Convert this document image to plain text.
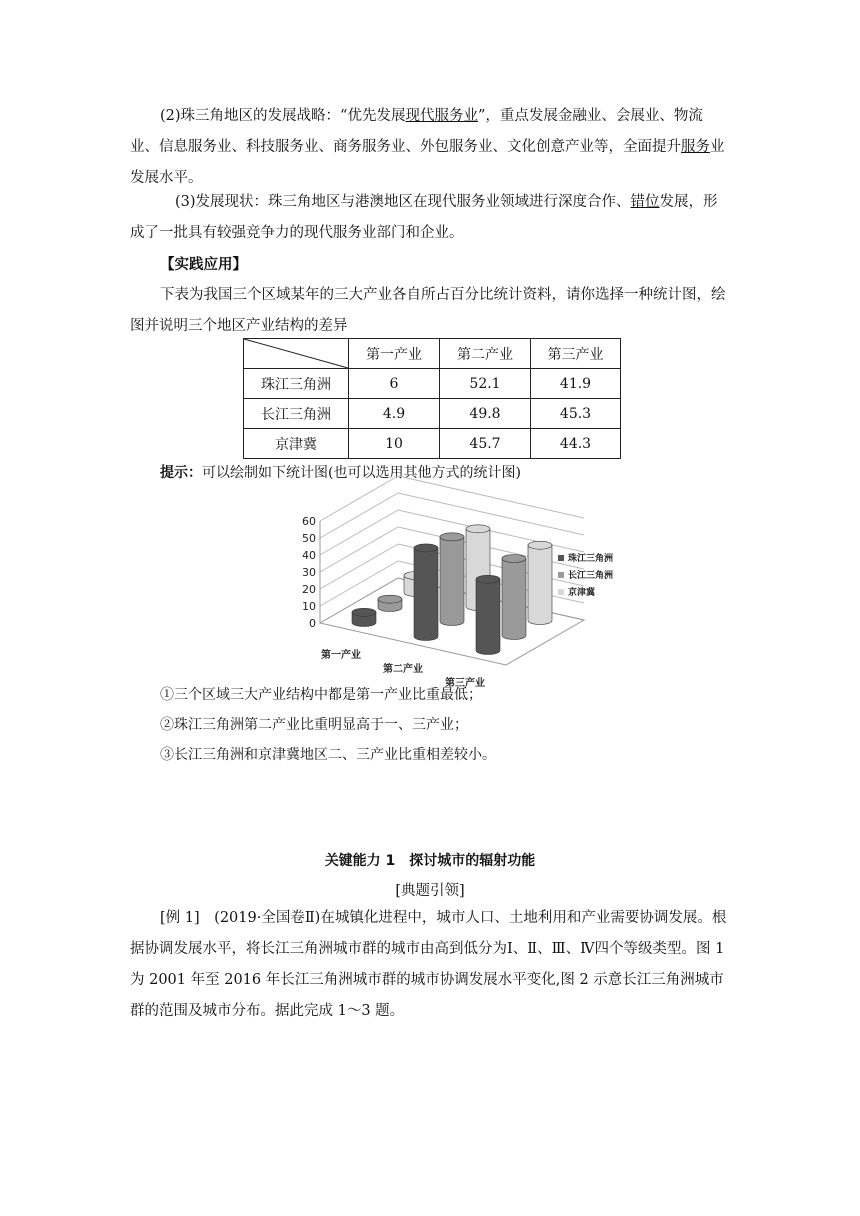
(2)珠三角地区的发展战略：“优先发展现代服务业”，重点发展金融业、会展业、物流业、信息服务业、科技服务业、商务服务业、外包服务业、文化创意产业等，全面提升服务业发展水平。

(3)发展现状：珠三角地区与港澳地区在现代服务业领域进行深度合作、错位发展，形成了一批具有较强竞争力的现代服务业部门和企业。

【实践应用】

下表为我国三个区域某年的三大产业各自所占百分比统计资料，请你选择一种统计图，绘图并说明三个地区产业结构的差异

	第一产业	第二产业	第三产业
珠江三角洲	6	52.1	41.9
长江三角洲	4.9	49.8	45.3
京津冀	10	45.7	44.3

提示：可以绘制如下统计图(也可以选用其他方式的统计图)

0
10
20
30
40
50
60
第一产业
第二产业
第三产业
珠江三角洲
长江三角洲
京津冀

①三个区域三大产业结构中都是第一产业比重最低；

②珠江三角洲第二产业比重明显高于一、三产业；

③长江三角洲和京津冀地区二、三产业比重相差较小。

关键能力 1　探讨城市的辐射功能

[典题引领]

[例 1]　 (2019·全国卷Ⅱ)在城镇化进程中，城市人口、土地利用和产业需要协调发展。根据协调发展水平，将长江三角洲城市群的城市由高到低分为Ⅰ、Ⅱ、Ⅲ、Ⅳ四个等级类型。图 1 为 2001 年至 2016 年长江三角洲城市群的城市协调发展水平变化,图 2 示意长江三角洲城市群的范围及城市分布。据此完成 1～3 题。
